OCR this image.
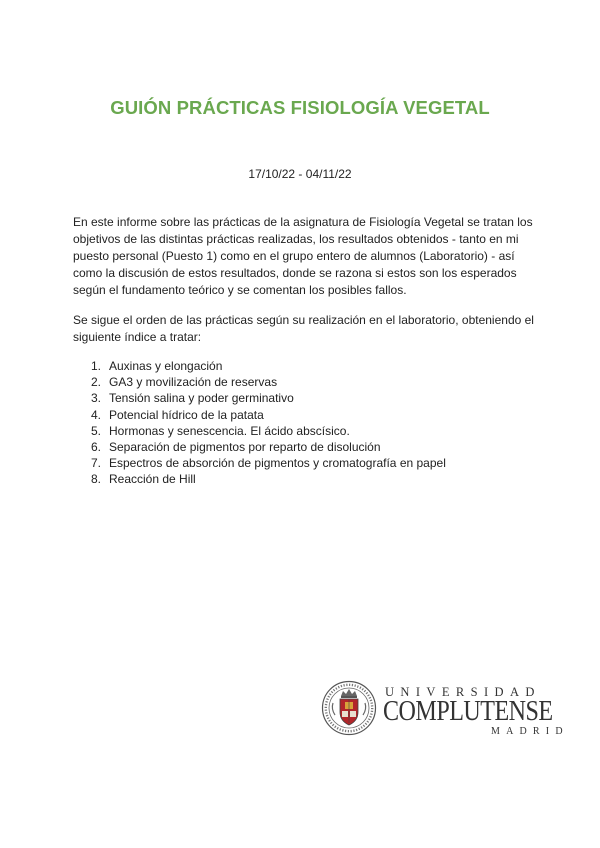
GUIÓN PRÁCTICAS FISIOLOGÍA VEGETAL
17/10/22 - 04/11/22

En este informe sobre las prácticas de la asignatura de Fisiología Vegetal se tratan los objetivos de las distintas prácticas realizadas, los resultados obtenidos - tanto en mi puesto personal (Puesto 1) como en el grupo entero de alumnos (Laboratorio) - así como la discusión de estos resultados, donde se razona si estos son los esperados según el fundamento teórico y se comentan los posibles fallos.

Se sigue el orden de las prácticas según su realización en el laboratorio, obteniendo el siguiente índice a tratar:

1. Auxinas y elongación
2. GA3 y movilización de reservas
3. Tensión salina y poder germinativo
4. Potencial hídrico de la patata
5. Hormonas y senescencia. El ácido abscísico.
6. Separación de pigmentos por reparto de disolución
7. Espectros de absorción de pigmentos y cromatografía en papel
8. Reacción de Hill
UNIVERSIDAD
COMPLUTENSE
MADRID
